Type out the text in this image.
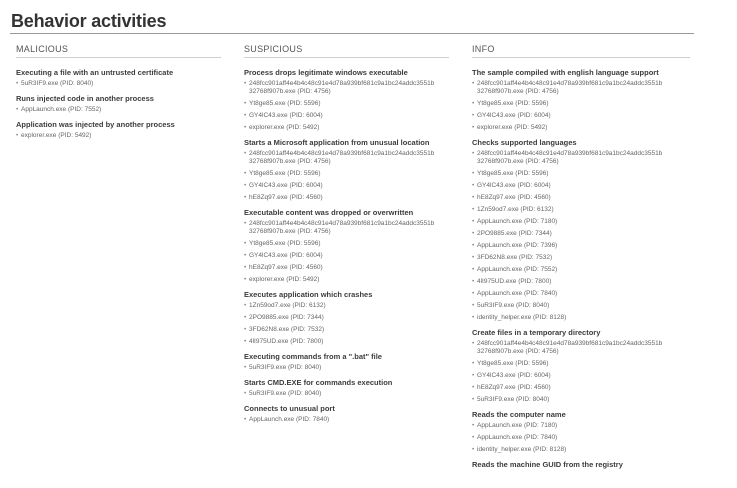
Behavior activities
MALICIOUS
Executing a file with an untrusted certificate
• 5uR3IF9.exe (PID: 8040)
Runs injected code in another process
• AppLaunch.exe (PID: 7552)
Application was injected by another process
• explorer.exe (PID: 5492)
SUSPICIOUS
Process drops legitimate windows executable
• 248fcc901aff4e4b4c48c91e4d78a939bf681c9a1bc24addc3551b
32768f907b.exe (PID: 4756)
• Yt8ge85.exe (PID: 5596)
• GY4lC43.exe (PID: 6004)
• explorer.exe (PID: 5492)
Starts a Microsoft application from unusual location
• 248fcc901aff4e4b4c48c91e4d78a939bf681c9a1bc24addc3551b
32768f907b.exe (PID: 4756)
• Yt8ge85.exe (PID: 5596)
• GY4lC43.exe (PID: 6004)
• hE8Zq97.exe (PID: 4560)
Executable content was dropped or overwritten
• 248fcc901aff4e4b4c48c91e4d78a939bf681c9a1bc24addc3551b
32768f907b.exe (PID: 4756)
• Yt8ge85.exe (PID: 5596)
• GY4lC43.exe (PID: 6004)
• hE8Zq97.exe (PID: 4560)
• explorer.exe (PID: 5492)
Executes application which crashes
• 1Zn59od7.exe (PID: 6132)
• 2PO9885.exe (PID: 7344)
• 3FD62N8.exe (PID: 7532)
• 4lI975UD.exe (PID: 7800)
Executing commands from a ".bat" file
• 5uR3IF9.exe (PID: 8040)
Starts CMD.EXE for commands execution
• 5uR3IF9.exe (PID: 8040)
Connects to unusual port
• AppLaunch.exe (PID: 7840)
INFO
The sample compiled with english language support
• 248fcc901aff4e4b4c48c91e4d78a939bf681c9a1bc24addc3551b
32768f907b.exe (PID: 4756)
• Yt8ge85.exe (PID: 5596)
• GY4lC43.exe (PID: 6004)
• explorer.exe (PID: 5492)
Checks supported languages
• 248fcc901aff4e4b4c48c91e4d78a939bf681c9a1bc24addc3551b
32768f907b.exe (PID: 4756)
• Yt8ge85.exe (PID: 5596)
• GY4lC43.exe (PID: 6004)
• hE8Zq97.exe (PID: 4560)
• 1Zn59od7.exe (PID: 6132)
• AppLaunch.exe (PID: 7180)
• 2PO9885.exe (PID: 7344)
• AppLaunch.exe (PID: 7396)
• 3FD62N8.exe (PID: 7532)
• AppLaunch.exe (PID: 7552)
• 4lI975UD.exe (PID: 7800)
• AppLaunch.exe (PID: 7840)
• 5uR3IF9.exe (PID: 8040)
• identity_helper.exe (PID: 8128)
Create files in a temporary directory
• 248fcc901aff4e4b4c48c91e4d78a939bf681c9a1bc24addc3551b
32768f907b.exe (PID: 4756)
• Yt8ge85.exe (PID: 5596)
• GY4lC43.exe (PID: 6004)
• hE8Zq97.exe (PID: 4560)
• 5uR3IF9.exe (PID: 8040)
Reads the computer name
• AppLaunch.exe (PID: 7180)
• AppLaunch.exe (PID: 7840)
• identity_helper.exe (PID: 8128)
Reads the machine GUID from the registry
